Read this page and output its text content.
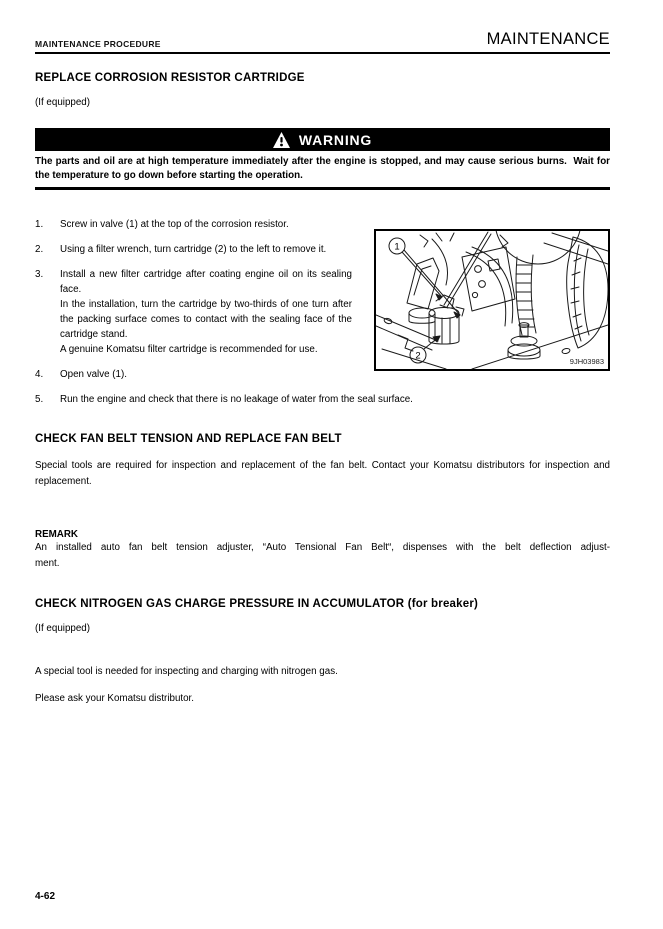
MAINTENANCE PROCEDURE	MAINTENANCE
REPLACE CORROSION RESISTOR CARTRIDGE
(If equipped)
WARNING
The parts and oil are at high temperature immediately after the engine is stopped, and may cause serious burns.  Wait for the temperature to go down before starting the operation.
1.	Screw in valve (1) at the top of the corrosion resistor.
2.	Using a filter wrench, turn cartridge (2) to the left to remove it.
3.	Install a new filter cartridge after coating engine oil on its sealing face.
In the installation, turn the cartridge by two-thirds of one turn after the packing surface comes to contact with the sealing face of the cartridge stand.
A genuine Komatsu filter cartridge is recommended for use.
4.	Open valve (1).
5.	Run the engine and check that there is no leakage of water from the seal surface.
1
2	9JH03983
CHECK FAN BELT TENSION AND REPLACE FAN BELT
Special tools are required for inspection and replacement of the fan belt. Contact your Komatsu distributors for inspection and replacement.
REMARK
An installed auto fan belt tension adjuster, “Auto Tensional Fan Belt“, dispenses with the belt deflection adjust-
ment.
CHECK NITROGEN GAS CHARGE PRESSURE IN ACCUMULATOR (for breaker)
(If equipped)
A special tool is needed for inspecting and charging with nitrogen gas.
Please ask your Komatsu distributor.
4-62
